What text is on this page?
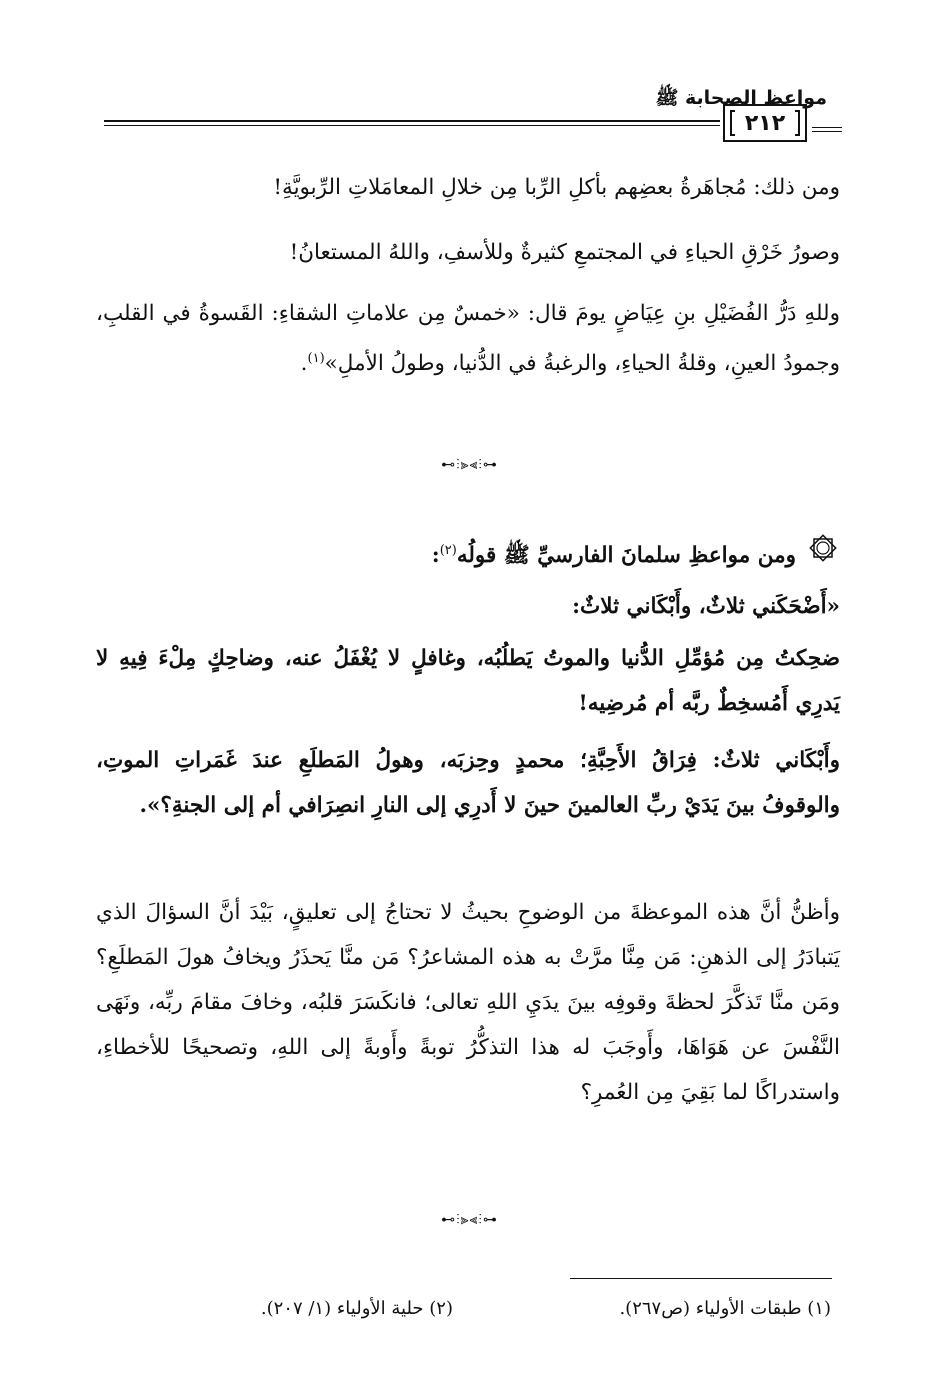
مواعظ الصحابة ﷺ
٢١٢
ومن ذلك: مُجاهَرةُ بعضِهم بأكلِ الرِّبا مِن خلالِ المعامَلاتِ الرِّبويَّةِ!
وصورُ خَرْقِ الحياءِ في المجتمعِ كثيرةٌ وللأسفِ، واللهُ المستعانُ!
وللهِ دَرُّ الفُضَيْلِ بنِ عِيَاضٍ يومَ قال: «خمسٌ مِن علاماتِ الشقاءِ: القَسوةُ في القلبِ، وجمودُ العينِ، وقلةُ الحياءِ، والرغبةُ في الدُّنيا، وطولُ الأملِ»$^{(١)}$.
⊷⫶⫸⫷⫶⊶
ومن مواعظِ سلمانَ الفارسيِّ ﷺ قولُه$^{(٢)}$:
«أَضْحَكَني ثلاثٌ، وأَبْكَاني ثلاثٌ:
ضحِكتُ مِن مُؤمِّلِ الدُّنيا والموتُ يَطلُبُه، وغافلٍ لا يُغْفَلُ عنه، وضاحِكٍ مِلْءَ فِيهِ لا يَدرِي أَمُسخِطٌ ربَّه أم مُرضِيه!
وأَبْكَاني ثلاثٌ: فِرَاقُ الأَحِبَّةِ؛ محمدٍ وحِزبَه، وهولُ المَطلَعِ عندَ غَمَراتِ الموتِ، والوقوفُ بينَ يَدَيْ ربِّ العالمينَ حينَ لا أَدرِي إلى النارِ انصِرَافي أم إلى الجنةِ؟».
وأظنُّ أنَّ هذه الموعظةَ من الوضوحِ بحيثُ لا تحتاجُ إلى تعليقٍ، بَيْدَ أنَّ السؤالَ الذي يَتبادَرُ إلى الذهنِ: مَن مِنَّا مرَّتْ به هذه المشاعرُ؟ مَن منَّا يَحذَرُ ويخافُ هولَ المَطلَعِ؟ ومَن منَّا تَذكَّرَ لحظةَ وقوفِه بينَ يدَيِ اللهِ تعالى؛ فانكَسَرَ قلبُه، وخافَ مقامَ ربِّه، ونَهَى النَّفْسَ عن هَوَاهَا، وأَوجَبَ له هذا التذكُّرُ توبةً وأَوبةً إلى اللهِ، وتصحيحًا للأخطاءِ، واستدراكًا لما بَقِيَ مِن العُمرِ؟
⊷⫶⫸⫷⫶⊶
(١) طبقات الأولياء (ص٢٦٧).
(٢) حلية الأولياء (١/ ٢٠٧).
